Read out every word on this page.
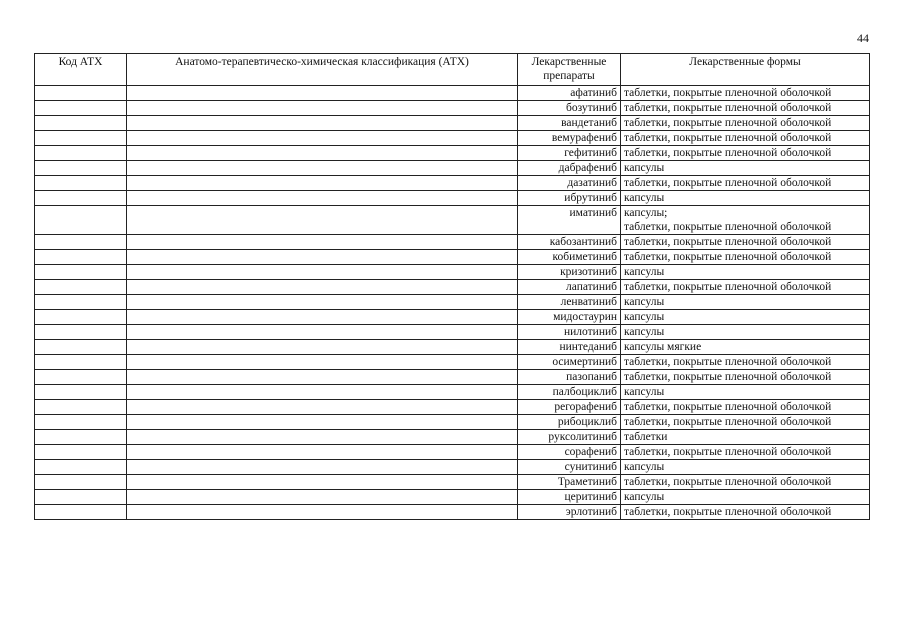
44
Код АТХ	Анатомо-терапевтическо-химическая классификация (АТХ)	Лекарственные
препараты	Лекарственные формы
		афатиниб	таблетки, покрытые пленочной оболочкой

		бозутиниб	таблетки, покрытые пленочной оболочкой

		вандетаниб	таблетки, покрытые пленочной оболочкой

		вемурафениб	таблетки, покрытые пленочной оболочкой

		гефитиниб	таблетки, покрытые пленочной оболочкой

		дабрафениб	капсулы

		дазатиниб	таблетки, покрытые пленочной оболочкой

		ибрутиниб	капсулы

		иматиниб	капсулы;
таблетки, покрытые пленочной оболочкой

		кабозантиниб	таблетки, покрытые пленочной оболочкой

		кобиметиниб	таблетки, покрытые пленочной оболочкой

		кризотиниб	капсулы

		лапатиниб	таблетки, покрытые пленочной оболочкой

		ленватиниб	капсулы

		мидостаурин	капсулы

		нилотиниб	капсулы

		нинтеданиб	капсулы мягкие

		осимертиниб	таблетки, покрытые пленочной оболочкой

		пазопаниб	таблетки, покрытые пленочной оболочкой

		палбоциклиб	капсулы

		регорафениб	таблетки, покрытые пленочной оболочкой

		рибоциклиб	таблетки, покрытые пленочной оболочкой

		руксолитиниб	таблетки

		сорафениб	таблетки, покрытые пленочной оболочкой

		сунитиниб	капсулы

		Траметиниб	таблетки, покрытые пленочной оболочкой

		церитиниб	капсулы

		эрлотиниб	таблетки, покрытые пленочной оболочкой
